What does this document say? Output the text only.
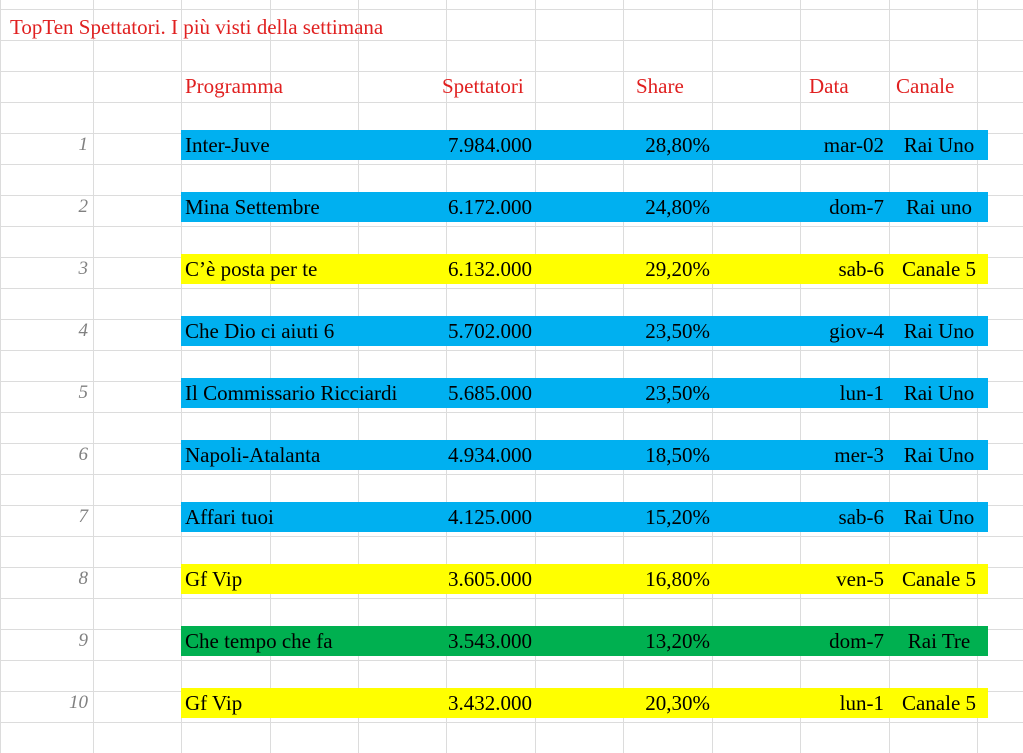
TopTen Spettatori. I più visti della settimana
Programma	Spettatori	Share	Data Canale
1	Inter-Juve	7.984.000	28,80%	mar-02 Rai Uno
2	Mina Settembre	6.172.000	24,80%	dom-7	Rai uno
3	C’è posta per te	6.132.000	29,20%	sab-6 Canale 5
4	Che Dio ci aiuti 6	5.702.000	23,50%	giov-4 Rai Uno
5	Il Commissario Ricciardi 5.685.000	23,50%	lun-1 Rai Uno
6	Napoli-Atalanta	4.934.000	18,50%	mer-3 Rai Uno
7	Affari tuoi	4.125.000	15,20%	sab-6 Rai Uno
8	Gf Vip	3.605.000	16,80%	ven-5 Canale 5
9	Che tempo che fa	3.543.000	13,20%	dom-7	Rai Tre
10	Gf Vip	3.432.000	20,30%	lun-1 Canale 5
